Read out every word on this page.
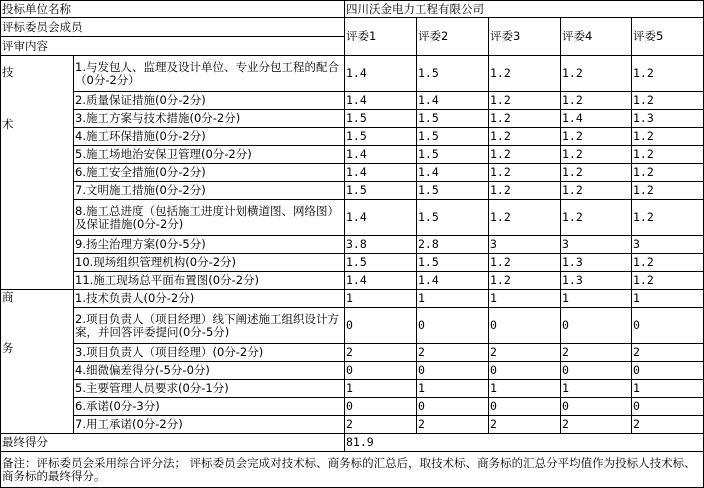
投标单位名称		四川沃金电力工程有限公司				
评标委员会成员		评委1	评委2	评委3	评委4	评委5
评审内容						

技
术	1.与发包人、监理及设计单位、专业分包工程的配合（0分-2分）	1.4	1.5	1.2	1.2	1.2
	2.质量保证措施(0分-2分)	1.4	1.4	1.2	1.2	1.2
	3.施工方案与技术措施(0分-2分)	1.5	1.5	1.2	1.4	1.3
	4.施工环保措施(0分-2分)	1.5	1.5	1.2	1.2	1.2
	5.施工场地治安保卫管理(0分-2分)	1.4	1.5	1.2	1.2	1.2
	6.施工安全措施(0分-2分)	1.4	1.4	1.2	1.2	1.2
	7.文明施工措施(0分-2分)	1.5	1.5	1.2	1.2	1.2
	8.施工总进度（包括施工进度计划横道图、网络图）及保证措施(0分-2分)	1.4	1.5	1.2	1.2	1.2
	9.扬尘治理方案(0分-5分)	3.8	2.8	3	3	3
	10.现场组织管理机构(0分-2分)	1.5	1.5	1.2	1.3	1.2
	11.施工现场总平面布置图(0分-2分)	1.4	1.4	1.2	1.3	1.2

商
务	1.技术负责人(0分-2分)	1	1	1	1	1
	2.项目负责人（项目经理）线下阐述施工组织设计方案，并回答评委提问(0分-5分)	0	0	0	0	0
	3.项目负责人（项目经理）(0分-2分)	2	2	2	2	2
	4.细微偏差得分(-5分-0分)	0	0	0	0	0
	5.主要管理人员要求(0分-1分)	1	1	1	1	1
	6.承诺(0分-3分)	0	0	0	0	0
	7.用工承诺(0分-2分)	2	2	2	2	2
最终得分		81.9				
备注：评标委员会采用综合评分法； 评标委员会完成对技术标、商务标的汇总后，取技术标、商务标的汇总分平均值作为投标人技术标、商务标的最终得分。						
